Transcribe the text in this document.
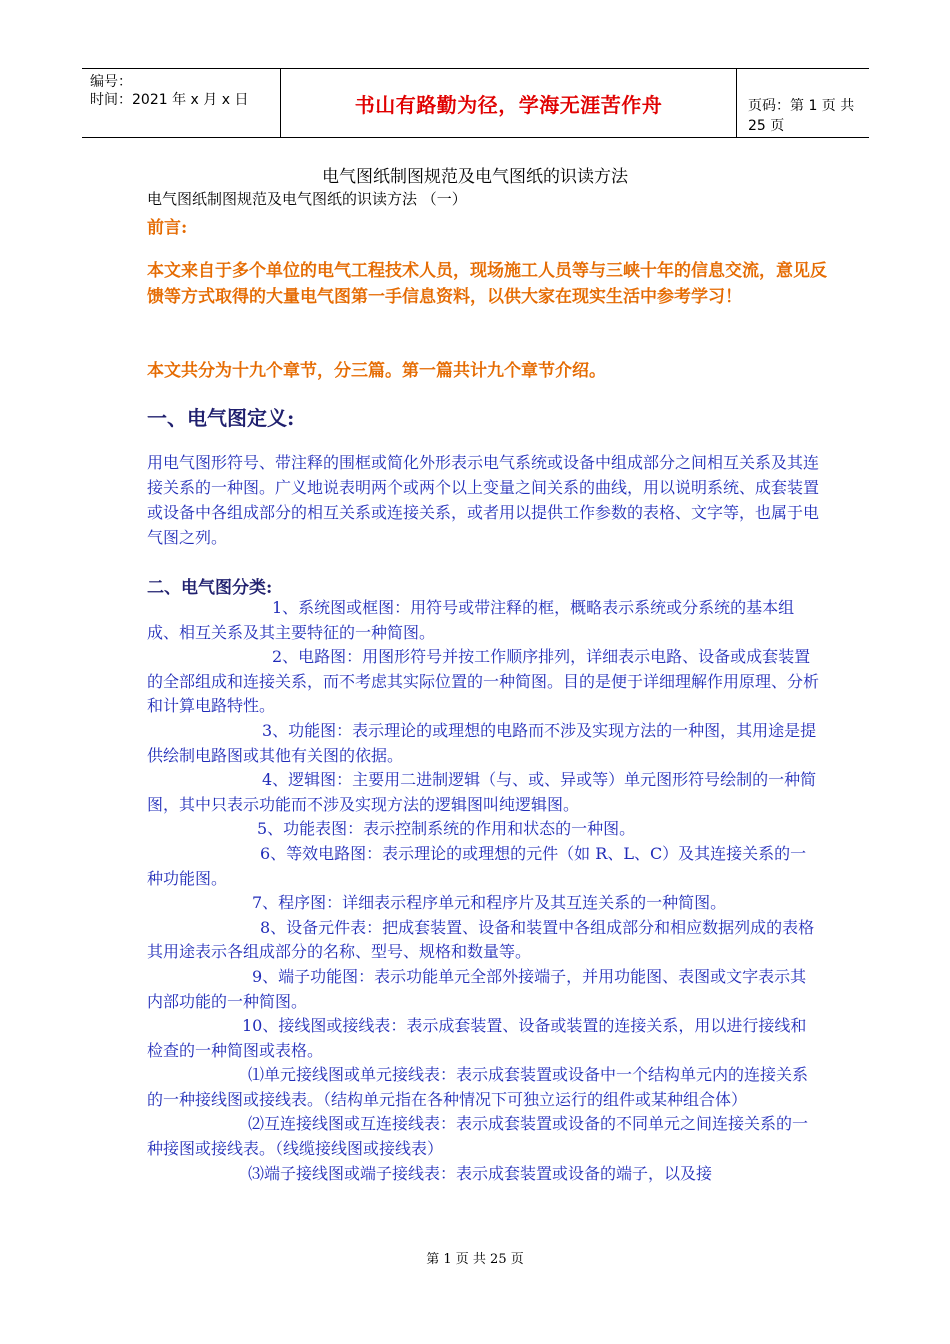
编号：
时间：2021 年 x 月 x 日	书山有路勤为径，学海无涯苦作舟	页码：第 1 页 共 25 页
电气图纸制图规范及电气图纸的识读方法
电气图纸制图规范及电气图纸的识读方法 （一）
前言:
本文来自于多个单位的电气工程技术人员，现场施工人员等与三峡十年的信息交流，意见反馈等方式取得的大量电气图第一手信息资料，以供大家在现实生活中参考学习！
本文共分为十九个章节，分三篇。第一篇共计九个章节介绍。
一、电气图定义:
用电气图形符号、带注释的围框或简化外形表示电气系统或设备中组成部分之间相互关系及其连接关系的一种图。广义地说表明两个或两个以上变量之间关系的曲线，用以说明系统、成套装置或设备中各组成部分的相互关系或连接关系，或者用以提供工作参数的表格、文字等，也属于电气图之列。
二、电气图分类:
1、系统图或框图：用符号或带注释的框，概略表示系统或分系统的基本组成、相互关系及其主要特征的一种简图。
2、电路图：用图形符号并按工作顺序排列，详细表示电路、设备或成套装置的全部组成和连接关系，而不考虑其实际位置的一种简图。目的是便于详细理解作用原理、分析和计算电路特性。
3、功能图：表示理论的或理想的电路而不涉及实现方法的一种图，其用途是提供绘制电路图或其他有关图的依据。
4、逻辑图：主要用二进制逻辑（与、或、异或等）单元图形符号绘制的一种简图，其中只表示功能而不涉及实现方法的逻辑图叫纯逻辑图。
5、功能表图：表示控制系统的作用和状态的一种图。
6、等效电路图：表示理论的或理想的元件（如 R、L、C）及其连接关系的一种功能图。
7、程序图：详细表示程序单元和程序片及其互连关系的一种简图。
8、设备元件表：把成套装置、设备和装置中各组成部分和相应数据列成的表格其用途表示各组成部分的名称、型号、规格和数量等。
9、端子功能图：表示功能单元全部外接端子，并用功能图、表图或文字表示其内部功能的一种简图。
10、接线图或接线表：表示成套装置、设备或装置的连接关系，用以进行接线和检查的一种简图或表格。
⑴单元接线图或单元接线表：表示成套装置或设备中一个结构单元内的连接关系的一种接线图或接线表。（结构单元指在各种情况下可独立运行的组件或某种组合体）
⑵互连接线图或互连接线表：表示成套装置或设备的不同单元之间连接关系的一种接图或接线表。（线缆接线图或接线表）
⑶端子接线图或端子接线表：表示成套装置或设备的端子，以及接
第 1 页 共 25 页
